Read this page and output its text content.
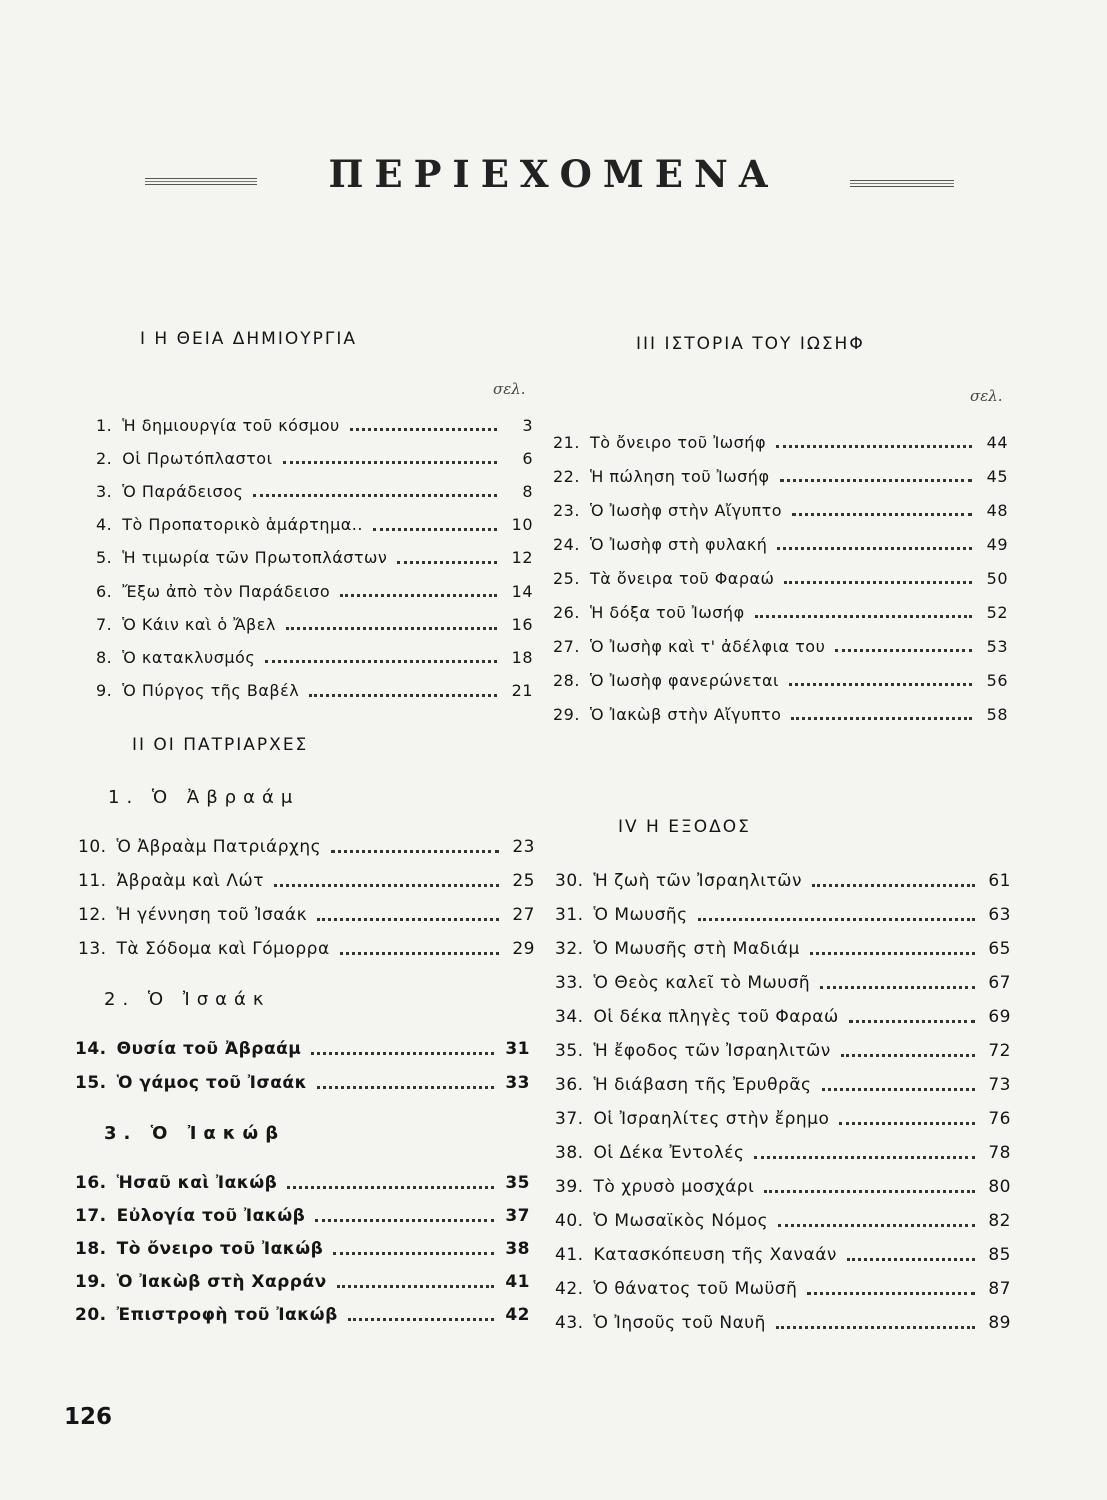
ΠΕΡΙΕΧΟΜΕΝΑ
I Η ΘΕΙΑ ΔΗΜΙΟΥΡΓΙΑ
σελ.
1. Ἡ δημιουργία τοῦ κόσμου	3
2. Οἱ Πρωτόπλαστοι	6
3. Ὁ Παράδεισος	8
4. Τὸ Προπατορικὸ ἁμάρτημα..	10
5. Ἡ τιμωρία τῶν Πρωτοπλάστων	12
6. Ἔξω ἀπὸ τὸν Παράδεισο	14
7. Ὁ Κάιν καὶ ὁ Ἄβελ	16
8. Ὁ κατακλυσμός	18
9. Ὁ Πύργος τῆς Βαβέλ	21
II ΟΙ ΠΑΤΡΙΑΡΧΕΣ
1. Ὁ Ἀβραάμ
10. Ὁ Ἀβραὰμ Πατριάρχης	23
11. Ἀβραὰμ καὶ Λώτ	25
12. Ἡ γέννηση τοῦ Ἰσαάκ	27
13. Τὰ Σόδομα καὶ Γόμορρα	29
2. Ὁ Ἰσαάκ
14. Θυσία τοῦ Ἀβραάμ	31
15. Ὁ γάμος τοῦ Ἰσαάκ	33
3. Ὁ Ἰακώβ
16. Ἡσαῦ καὶ Ἰακώβ	35
17. Εὐλογία τοῦ Ἰακώβ	37
18. Τὸ ὄνειρο τοῦ Ἰακώβ	38
19. Ὁ Ἰακὼβ στὴ Χαρράν	41
20. Ἐπιστροφὴ τοῦ Ἰακώβ	42
III ΙΣΤΟΡΙΑ ΤΟΥ ΙΩΣΗΦ
σελ.
21. Τὸ ὄνειρο τοῦ Ἰωσήφ	44
22. Ἡ πώληση τοῦ Ἰωσήφ	45
23. Ὁ Ἰωσὴφ στὴν Αἴγυπτο	48
24. Ὁ Ἰωσὴφ στὴ φυλακή	49
25. Τὰ ὄνειρα τοῦ Φαραώ	50
26. Ἡ δόξα τοῦ Ἰωσήφ	52
27. Ὁ Ἰωσὴφ καὶ τ' ἀδέλφια του	53
28. Ὁ Ἰωσὴφ φανερώνεται	56
29. Ὁ Ἰακὼβ στὴν Αἴγυπτο	58
IV Η ΕΞΟΔΟΣ
30. Ἡ ζωὴ τῶν Ἰσραηλιτῶν	61
31. Ὁ Μωυσῆς	63
32. Ὁ Μωυσῆς στὴ Μαδιάμ	65
33. Ὁ Θεὸς καλεῖ τὸ Μωυσῆ	67
34. Οἱ δέκα πληγὲς τοῦ Φαραώ	69
35. Ἡ ἔφοδος τῶν Ἰσραηλιτῶν	72
36. Ἡ διάβαση τῆς Ἐρυθρᾶς	73
37. Οἱ Ἰσραηλίτες στὴν ἔρημο	76
38. Οἱ Δέκα Ἐντολές	78
39. Τὸ χρυσὸ μοσχάρι	80
40. Ὁ Μωσαϊκὸς Νόμος	82
41. Κατασκόπευση τῆς Χαναάν	85
42. Ὁ θάνατος τοῦ Μωϋσῆ	87
43. Ὁ Ἰησοῦς τοῦ Ναυῆ	89
126
